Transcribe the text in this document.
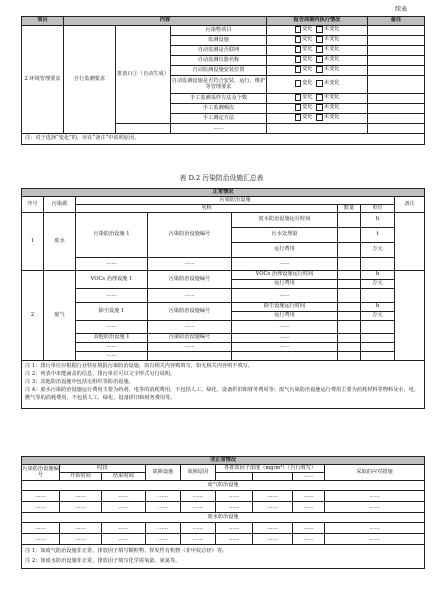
续表
项目	内容			报告周期内执行情况	备注
2 环境管理要求	自行监测要求	排放口①（自动生成）	污染物项目	变化 未变化	

			监测设施	变化 未变化	

			自动监测是否联网	变化 未变化	

			自动监测仪器名称	变化 未变化	

			自动监测设施安装位置	变化 未变化	

			自动监测设施是否符合安装、运行、维护等管理要求	变化 未变化	

			手工监测采样方法及个数	变化 未变化	

			手工监测频次	变化 未变化	

			手工测定方法	变化 未变化	

			……		
注：对于选择“变化”的，应在“备注”中说明原因。					
表 D.2 污染防治设施汇总表
正常情况							
序号	污染源	污染防治设施					备注
		名称			数量	单位	
1	废水	污染防治设施 1	污染防治设施编号	废水防治设施运行时间		h	
				污水处理量		t	
				运行费用		万元	
		……	……	……			
2	废气	VOCs 治理设施 1	污染防治设施编号	VOCs 治理设施运行时间		h	
				运行费用		万元	
		……	……	……			
		除尘设施 1	污染防治设施编号	除尘设施运行时间		h	
				运行费用		万元	
		……	……	……			
		其他防治设施 1	污染防治设施编号	……			
		……	……	……			
		……					

注 1：排污单位应根据行业特征填报污染防治设施，如有相关内容则填写，如无相关内容则不填写。
注 2：列表中未能涵盖的信息，排污单位可以文字形式另行说明。
注 3：其他防治设施中包括无组织等防治设施。
注 4：废水污染防治设施运行费用主要为药剂、电等的消耗费用，不包括人工、绿化、设备折旧和财务费用等；废气污染防治设施运行费用主要为消耗材料等物料及水、电、燃气等的消耗费用，不包括人工、绿化、设备折旧和财务费用等。							
非正常情况								
污染防治设施编号	时段		故障设施	故障原因	各排放因子浓度（mg/m³）（自行填写）			采取的应对措施
	开始时间	结束时间					……	
废气防治设施								
……	……	……	……	……	……	……	……	……
……	……	……	……	……	……	……	……	……
废水防治设施								
……	……	……	……	……	……	……	……	……
……	……	……	……	……	……	……	……	……

注 1：如废气防治设施非正常，排放因子填写颗粒物、挥发性有机物（非甲烷总烃）等。
注 2：如废水防治设施非正常，排放因子填写化学需氧量、氨氮等。								
